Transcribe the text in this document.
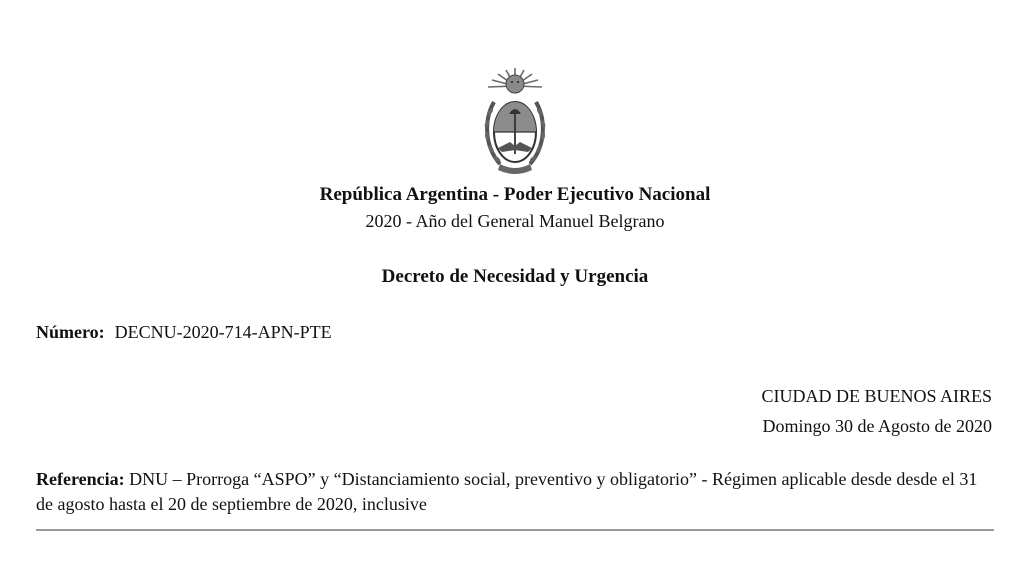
República Argentina - Poder Ejecutivo Nacional
2020 - Año del General Manuel Belgrano
Decreto de Necesidad y Urgencia
Número: DECNU-2020-714-APN-PTE
CIUDAD DE BUENOS AIRES
Domingo 30 de Agosto de 2020
Referencia: DNU – Prorroga “ASPO” y “Distanciamiento social, preventivo y obligatorio” - Régimen aplicable desde desde el 31 de agosto hasta el 20 de septiembre de 2020, inclusive
